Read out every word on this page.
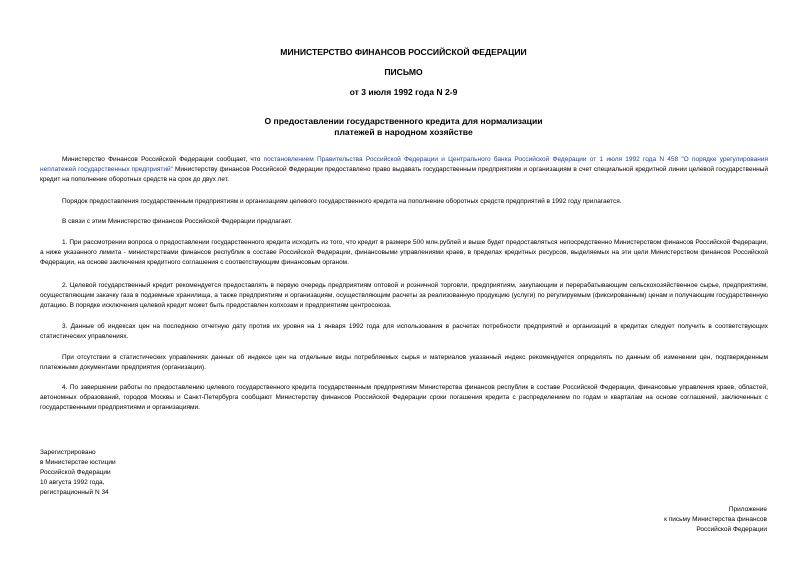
МИНИСТЕРСТВО ФИНАНСОВ РОССИЙСКОЙ ФЕДЕРАЦИИ
ПИСЬМО
от 3 июля 1992 года N 2-9
О предоставлении государственного кредита для нормализации
платежей в народном хозяйстве
Министерство Финансов Российской Федерации сообщает, что постановлением Правительства Российской Федерации и Центрального банка Российской Федерации от 1 июля 1992 года N 458 "О порядке урегулирования неплатежей государственных предприятий" Министерству финансов Российской Федерации предоставлено право выдавать государственным предприятиям и организациям в счет специальной кредитной линии целевой государственный кредит на пополнение оборотных средств на срок до двух лет.
Порядок предоставления государственным предприятиям и организациям целевого государственного кредита на пополнение оборотных средств предприятий в 1992 году прилагается.
В связи с этим Министерство финансов Российской Федерации предлагает.
1. При рассмотрении вопроса о предоставлении государственного кредита исходить из того, что кредит в размере 500 млн.рублей и выше будет предоставляться непосредственно Министерством финансов Российской Федерации, а ниже указанного лимита - министерствами финансов республик в составе Российской Федерации, финансовыми управлениями краев, в пределах кредитных ресурсов, выделяемых на эти цели Министерством финансов Российской Федерации, на основе заключения кредитного соглашения с соответствующим финансовым органом.
2. Целевой государственный кредит рекомендуется предоставлять в первую очередь предприятиям оптовой и розничной торговли, предприятиям, закупающим и перерабатывающим сельскохозяйственное сырье, предприятиям, осуществляющим закачку газа в подземные хранилища, а также предприятиям и организациям, осуществляющим расчеты за реализованную продукцию (услуги) по регулируемым (фиксированным) ценам и получающим государственную дотацию. В порядке исключения целевой кредит может быть предоставлен колхозам и предприятиям центросоюза.
3. Данные об индексах цен на последнюю отчетную дату против их уровня на 1 января 1992 года для использования в расчетах потребности предприятий и организаций в кредитах следует получить в соответствующих статистических управлениях.
При отсутствии в статистических управлениях данных об индексе цен на отдельные виды потребляемых сырья и материалов указанный индекс рекомендуется определять по данным об изменении цен, подтвержденным платежными документами предприятия (организации).
4. По завершении работы по предоставлению целевого государственного кредита государственным предприятиям Министерства финансов республик в составе Российской Федерации, финансовые управления краев, областей, автономных образований, городов Москвы и Санкт-Петербурга сообщают Министерству финансов Российской Федерации сроки погашения кредита с распределением по годам и кварталам на основе соглашений, заключенных с государственными предприятиями и организациями.
Зарегистрировано
в Министерстве юстиции
Российской Федерации
10 августа 1992 года,
регистрационный N 34
Приложение
к письму Министерства финансов
Российской Федерации
